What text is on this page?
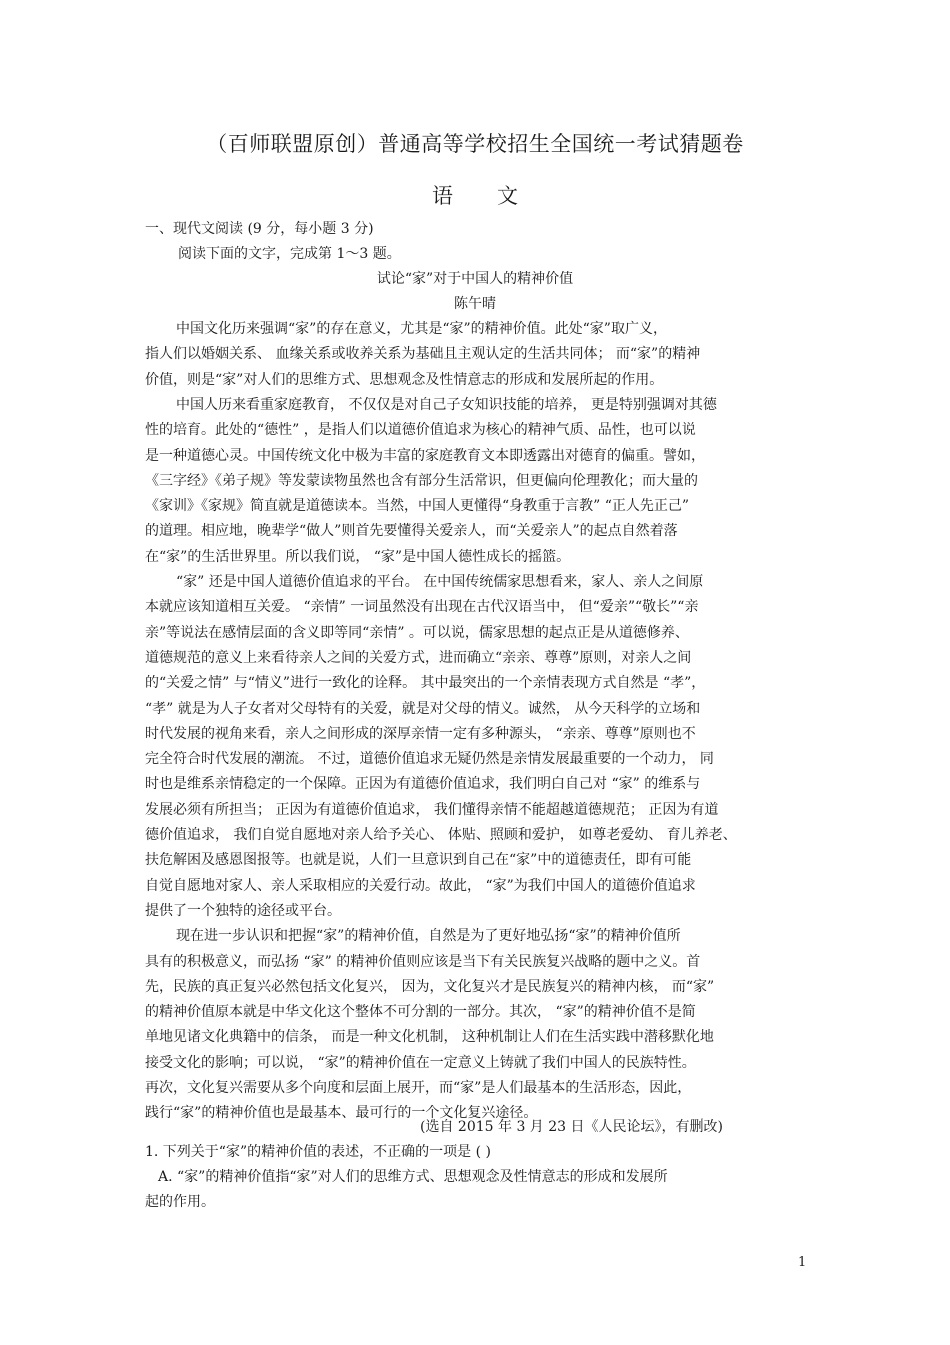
（百师联盟原创）普通高等学校招生全国统一考试猜题卷
语 文
一、现代文阅读 (9 分，每小题 3 分)
阅读下面的文字，完成第 1～3 题。
试论“家”对于中国人的精神价值
陈午晴
中国文化历来强调“家”的存在意义，尤其是“家”的精神价值。此处“家”取广义，
指人们以婚姻关系、 血缘关系或收养关系为基础且主观认定的生活共同体； 而“家”的精神
价值，则是“家”对人们的思维方式、思想观念及性情意志的形成和发展所起的作用。
中国人历来看重家庭教育， 不仅仅是对自己子女知识技能的培养， 更是特别强调对其德
性的培育。此处的“德性” ，是指人们以道德价值追求为核心的精神气质、品性，也可以说
是一种道德心灵。中国传统文化中极为丰富的家庭教育文本即透露出对德育的偏重。譬如，
《三字经》《弟子规》等发蒙读物虽然也含有部分生活常识，但更偏向伦理教化；而大量的
《家训》《家规》简直就是道德读本。当然，中国人更懂得“身教重于言教” “正人先正己”
的道理。相应地，晚辈学“做人”则首先要懂得关爱亲人，而“关爱亲人”的起点自然着落
在“家”的生活世界里。所以我们说， “家”是中国人德性成长的摇篮。
“家” 还是中国人道德价值追求的平台。 在中国传统儒家思想看来，家人、亲人之间原
本就应该知道相互关爱。 “亲情” 一词虽然没有出现在古代汉语当中， 但“爱亲”“敬长”“亲
亲”等说法在感情层面的含义即等同“亲情” 。可以说，儒家思想的起点正是从道德修养、
道德规范的意义上来看待亲人之间的关爱方式，进而确立“亲亲、尊尊”原则，对亲人之间
的“关爱之情” 与“情义”进行一致化的诠释。 其中最突出的一个亲情表现方式自然是 “孝”，
“孝” 就是为人子女者对父母特有的关爱，就是对父母的情义。诚然， 从今天科学的立场和
时代发展的视角来看，亲人之间形成的深厚亲情一定有多种源头， “亲亲、尊尊”原则也不
完全符合时代发展的潮流。 不过，道德价值追求无疑仍然是亲情发展最重要的一个动力， 同
时也是维系亲情稳定的一个保障。正因为有道德价值追求，我们明白自己对 “家” 的维系与
发展必须有所担当； 正因为有道德价值追求， 我们懂得亲情不能超越道德规范； 正因为有道
德价值追求， 我们自觉自愿地对亲人给予关心、 体贴、照顾和爱护， 如尊老爱幼、 育儿养老、
扶危解困及感恩图报等。也就是说，人们一旦意识到自己在“家”中的道德责任，即有可能
自觉自愿地对家人、亲人采取相应的关爱行动。故此， “家”为我们中国人的道德价值追求
提供了一个独特的途径或平台。
现在进一步认识和把握“家”的精神价值，自然是为了更好地弘扬“家”的精神价值所
具有的积极意义，而弘扬 “家” 的精神价值则应该是当下有关民族复兴战略的题中之义。首
先，民族的真正复兴必然包括文化复兴， 因为，文化复兴才是民族复兴的精神内核， 而“家”
的精神价值原本就是中华文化这个整体不可分割的一部分。其次， “家”的精神价值不是简
单地见诸文化典籍中的信条， 而是一种文化机制， 这种机制让人们在生活实践中潜移默化地
接受文化的影响；可以说， “家”的精神价值在一定意义上铸就了我们中国人的民族特性。
再次，文化复兴需要从多个向度和层面上展开，而“家”是人们最基本的生活形态，因此，
践行“家”的精神价值也是最基本、最可行的一个文化复兴途径。
(选自 2015 年 3 月 23 日《人民论坛》，有删改)
1. 下列关于“家”的精神价值的表述，不正确的一项是 ( )
A. “家”的精神价值指“家”对人们的思维方式、思想观念及性情意志的形成和发展所
起的作用。
1
